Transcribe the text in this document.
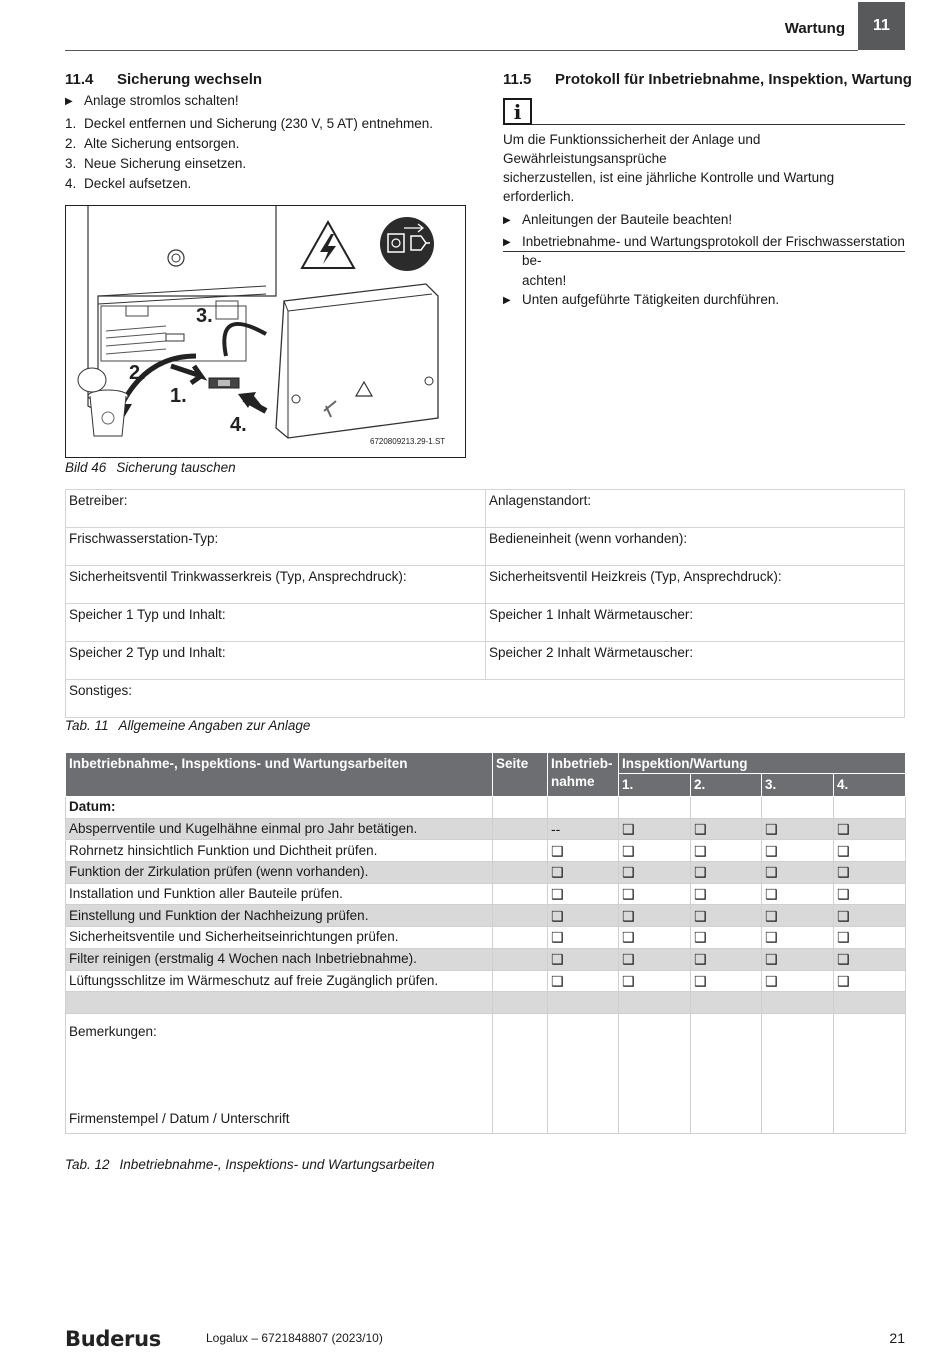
Wartung	11
11.4 Sicherung wechseln
▶ Anlage stromlos schalten!
1. Deckel entfernen und Sicherung (230 V, 5 AT) entnehmen.
2. Alte Sicherung entsorgen.
3. Neue Sicherung einsetzen.
4. Deckel aufsetzen.
3.
2.
1.
4.
6720809213.29-1.ST
Bild 46 Sicherung tauschen
11.5 Protokoll für Inbetriebnahme, Inspektion, Wartung
i
Um die Funktionssicherheit der Anlage und Gewährleistungsansprüche
sicherzustellen, ist eine jährliche Kontrolle und Wartung erforderlich.
▶ Anleitungen der Bauteile beachten!
▶ Inbetriebnahme- und Wartungsprotokoll der Frischwasserstation be-
achten!
▶ Unten aufgeführte Tätigkeiten durchführen.
Betreiber:	Anlagenstandort:
Frischwasserstation-Typ:	Bedieneinheit (wenn vorhanden):
Sicherheitsventil Trinkwasserkreis (Typ, Ansprechdruck):	Sicherheitsventil Heizkreis (Typ, Ansprechdruck):
Speicher 1 Typ und Inhalt:	Speicher 1 Inhalt Wärmetauscher:
Speicher 2 Typ und Inhalt:	Speicher 2 Inhalt Wärmetauscher:
Sonstiges:	
Tab. 11 Allgemeine Angaben zur Anlage
Inbetriebnahme-, Inspektions- und Wartungsarbeiten	Seite	Inbetrieb-
nahme	Inspektion/Wartung			
			1.	2.	3.	4.
Datum:						
Absperrventile und Kugelhähne einmal pro Jahr betätigen.		--	❑	❑	❑	❑
Rohrnetz hinsichtlich Funktion und Dichtheit prüfen.		❑	❑	❑	❑	❑
Funktion der Zirkulation prüfen (wenn vorhanden).		❑	❑	❑	❑	❑
Installation und Funktion aller Bauteile prüfen.		❑	❑	❑	❑	❑
Einstellung und Funktion der Nachheizung prüfen.		❑	❑	❑	❑	❑
Sicherheitsventile und Sicherheitseinrichtungen prüfen.		❑	❑	❑	❑	❑
Filter reinigen (erstmalig 4 Wochen nach Inbetriebnahme).		❑	❑	❑	❑	❑
Lüftungsschlitze im Wärmeschutz auf freie Zugänglich prüfen.		❑	❑	❑	❑	❑

Bemerkungen:
Firmenstempel / Datum / Unterschrift						

Tab. 12 Inbetriebnahme-, Inspektions- und Wartungsarbeiten
Buderus	Logalux – 6721848807 (2023/10)	21
